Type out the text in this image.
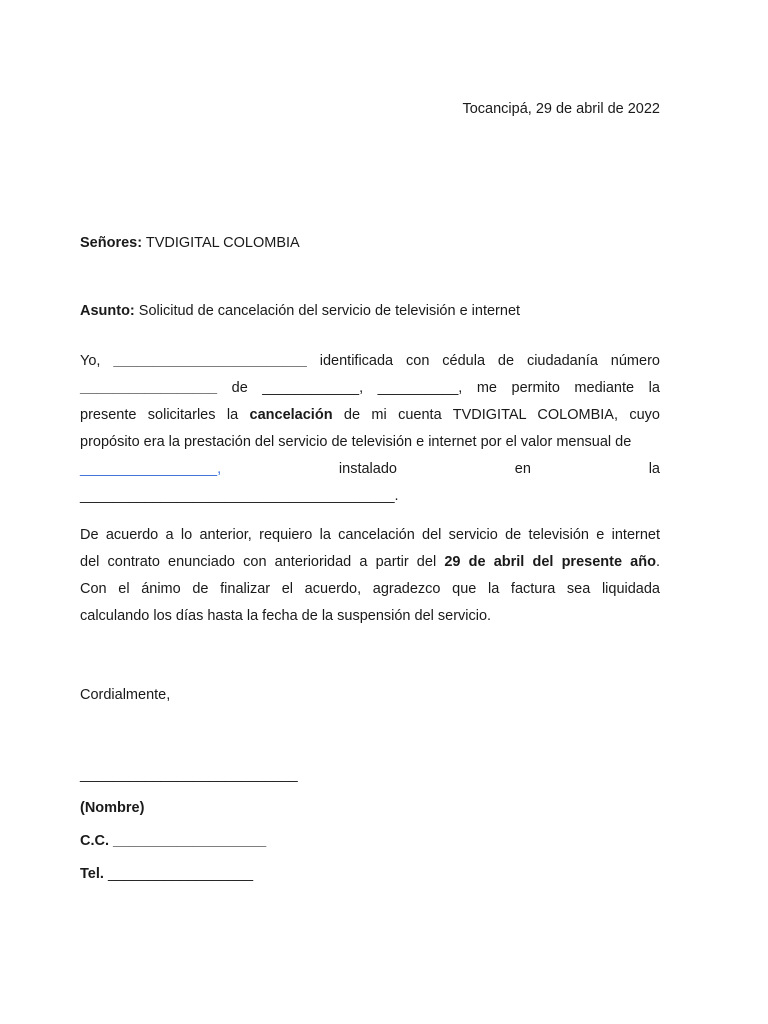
Tocancipá, 29 de abril de 2022
Señores: TVDIGITAL COLOMBIA
Asunto: Solicitud de cancelación del servicio de televisión e internet
Yo, ________________________ identificada con cédula de ciudadanía número
_________________ de ____________, __________, me permito mediante la
presente solicitarles la cancelación de mi cuenta TVDIGITAL COLOMBIA, cuyo
propósito era la prestación del servicio de televisión e internet por el valor mensual de
_________________,	instalado	en	la
_______________________________________.
De acuerdo a lo anterior, requiero la cancelación del servicio de televisión e internet
del contrato enunciado con anterioridad a partir del 29 de abril del presente año.
Con el ánimo de finalizar el acuerdo, agradezco que la factura sea liquidada
calculando los días hasta la fecha de la suspensión del servicio.
Cordialmente,
___________________________
(Nombre)
C.C. ___________________
Tel. __________________
